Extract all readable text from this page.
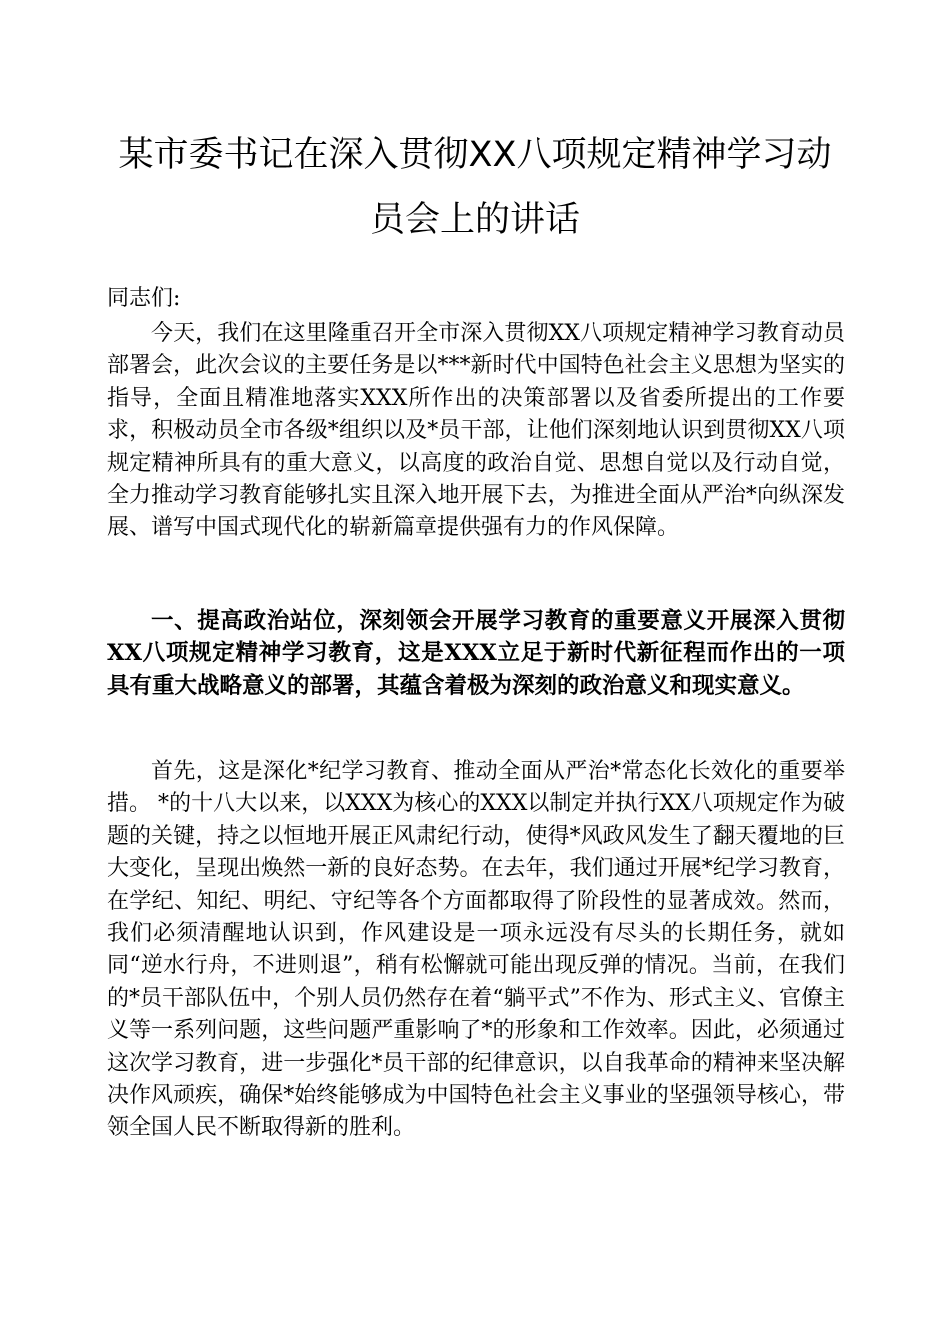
某市委书记在深入贯彻XX八项规定精神学习动
员会上的讲话

同志们:

今天，我们在这里隆重召开全市深入贯彻XX八项规定精神学习教育动员部署会，此次会议的主要任务是以***新时代中国特色社会主义思想为坚实的指导，全面且精准地落实XXX所作出的决策部署以及省委所提出的工作要求，积极动员全市各级*组织以及*员干部，让他们深刻地认识到贯彻XX八项规定精神所具有的重大意义，以高度的政治自觉、思想自觉以及行动自觉，全力推动学习教育能够扎实且深入地开展下去，为推进全面从严治*向纵深发展、谱写中国式现代化的崭新篇章提供强有力的作风保障。

一、提高政治站位，深刻领会开展学习教育的重要意义开展深入贯彻XX八项规定精神学习教育，这是XXX立足于新时代新征程而作出的一项具有重大战略意义的部署，其蕴含着极为深刻的政治意义和现实意义。

首先，这是深化*纪学习教育、推动全面从严治*常态化长效化的重要举措。 *的十八大以来，以XXX为核心的XXX以制定并执行XX八项规定作为破题的关键，持之以恒地开展正风肃纪行动，使得*风政风发生了翻天覆地的巨大变化，呈现出焕然一新的良好态势。在去年，我们通过开展*纪学习教育，在学纪、知纪、明纪、守纪等各个方面都取得了阶段性的显著成效。然而，我们必须清醒地认识到，作风建设是一项永远没有尽头的长期任务，就如同“逆水行舟，不进则退”，稍有松懈就可能出现反弹的情况。当前，在我们的*员干部队伍中，个别人员仍然存在着“躺平式”不作为、形式主义、官僚主义等一系列问题，这些问题严重影响了*的形象和工作效率。因此，必须通过这次学习教育，进一步强化*员干部的纪律意识，以自我革命的精神来坚决解决作风顽疾，确保*始终能够成为中国特色社会主义事业的坚强领导核心，带领全国人民不断取得新的胜利。
